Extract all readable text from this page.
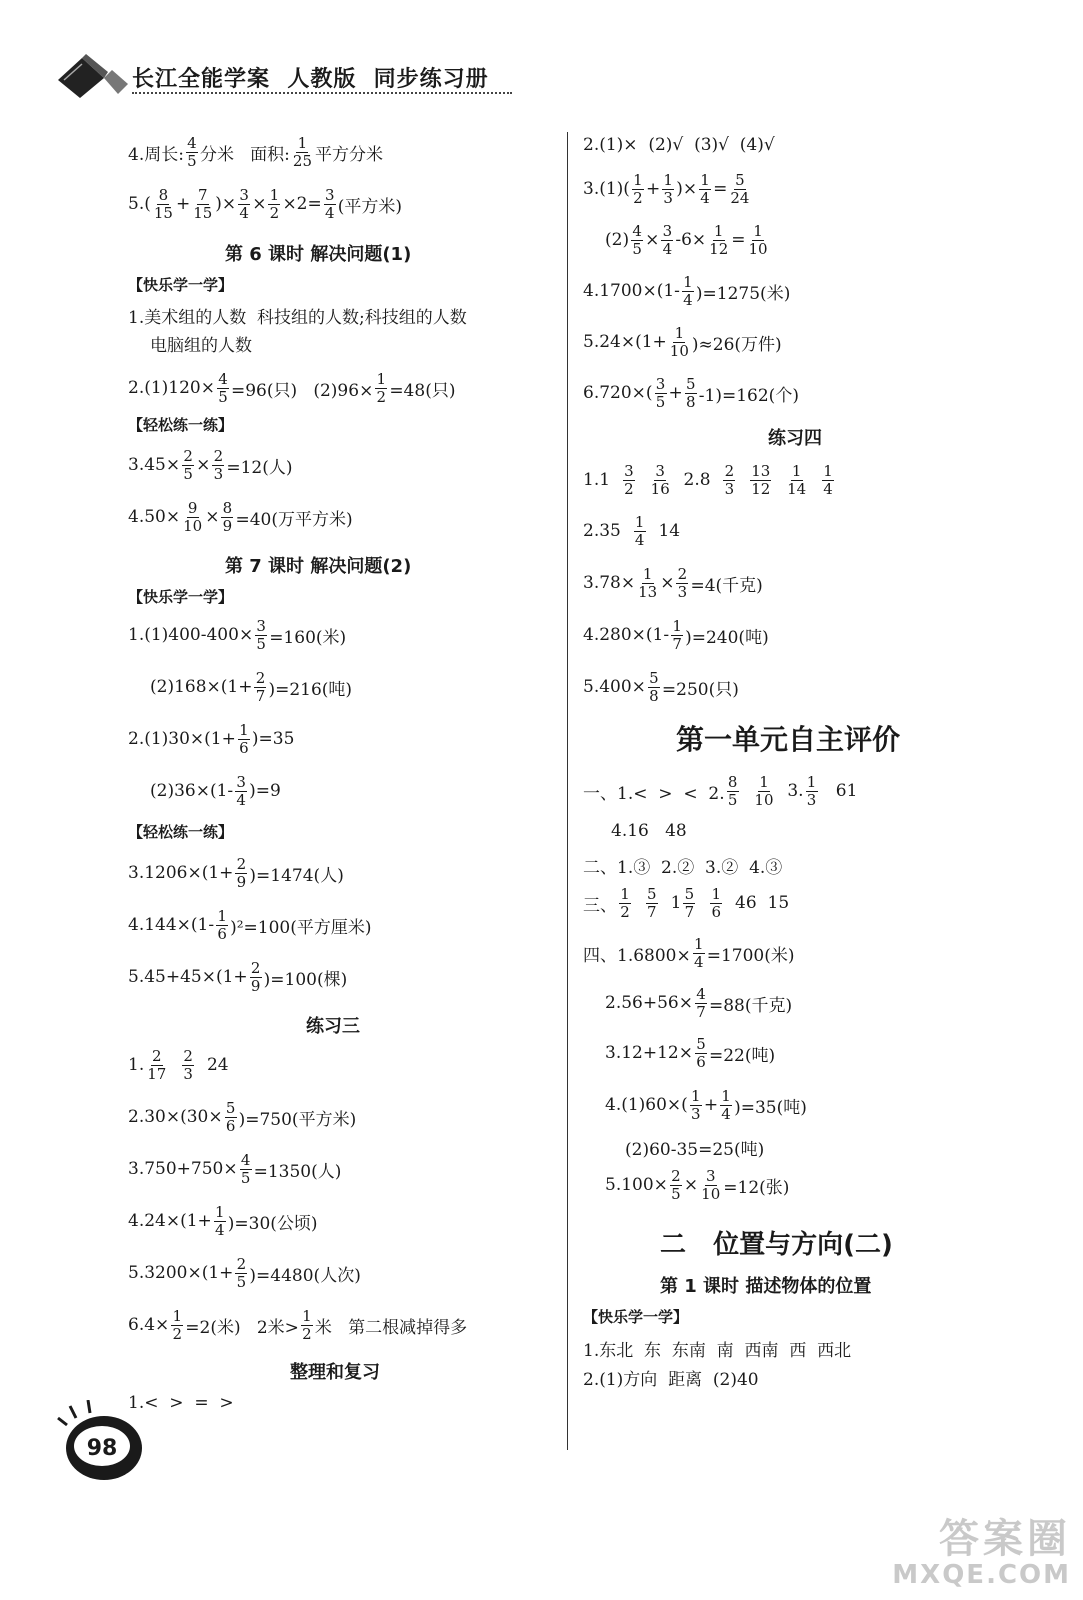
长江全能学案  人教版  同步练习册
4.周长: $\frac{4}{5}$ 分米   面积: $\frac{1}{25}$ 平方分米
$5.( \frac{8}{15} + \frac{7}{15}$ )× $\frac{3}{4} \times \frac{1}{2} \times 2= \frac{3}{4}$ (平方米)
第 6 课时 解决问题(1)
【快乐学一学】
1.美术组的人数  科技组的人数;科技组的人数
电脑组的人数
$2.(1)120\times \frac{4}{5} =96$(只)   $(2)96\times \frac{1}{2} =48$(只)
【轻松练一练】
$3.45\times \frac{2}{5} \times \frac{2}{3} =12$(人)
$4.50\times \frac{9}{10} \times \frac{8}{9} =40$(万平方米)
第 7 课时 解决问题(2)
【快乐学一学】
$1.(1)400-400\times \frac{3}{5} =160$(米)
$(2)168\times(1+ \frac{2}{7} )=216$(吨)
$2.(1)30\times(1+ \frac{1}{6} )=35$
$(2)36\times(1- \frac{3}{4} )=9$
【轻松练一练】
$3.1206\times(1+ \frac{2}{9} )=1474$(人)
$4.144\times(1- \frac{1}{6} )^2=100$(平方厘米)
$5.45+45\times(1+ \frac{2}{9} )=100$(棵)
练习三
1. $\frac{2}{17}$
$\frac{2}{3} 24$
$2.30\times(30\times \frac{5}{6} )=750$(平方米)
$3.750+750\times \frac{4}{5} =1350$(人)
$4.24\times(1+ \frac{1}{4} )=30$(公顷)
$5.3200\times(1+ \frac{2}{5} )=4480$(人次)
$6.4\times \frac{1}{2} =2$(米)   2米> $\frac{1}{2}$ 米   第二根减掉得多
整理和复习
1.<  >  =  >
98
2.(1)×  (2)√  (3)√  (4)√
$3.(1)( \frac{1}{2} + \frac{1}{3}$ )× $\frac{1}{4} = \frac{5}{24}$
$(2) \frac{4}{5} \times \frac{3}{4} -6\times \frac{1}{12} = \frac{1}{10}$
$4.1700\times(1- \frac{1}{4} )=1275$(米)
$5.24\times(1+ \frac{1}{10} )\approx 26$(万件)
$6.720\times( \frac{3}{5} + \frac{5}{8} -1)=162$(个)
练习四
$1.1 \frac{3}{2}$
$\frac{3}{16} 2.8 \frac{2}{3}$
$\frac{13}{12}$
$\frac{1}{14}$
$\frac{1}{4}$
$2.35 \frac{1}{4} 14$
$3.78\times \frac{1}{13} \times \frac{2}{3} =4$(千克)
$4.280\times(1- \frac{1}{7} )=240$(吨)
$5.400\times \frac{5}{8} =250$(只)
第一单元自主评价
一、1.<  >  <  2. $\frac{8}{5}$
$\frac{1}{10} 3$. $\frac{1}{3} 61$
4.16   48
二、1.③  2.②  3.②  4.③
三、 $\frac{1}{2}$
$\frac{5}{7} 1 \frac{5}{7}$
$\frac{1}{6} 46$  15
四、$1.6800\times \frac{1}{4} =1700$(米)
$2.56+56\times \frac{4}{7} =88$(千克)
$3.12+12\times \frac{5}{6} =22$(吨)
$4.(1)60\times( \frac{1}{3} + \frac{1}{4} )=35$(吨)
(2)60-35=25(吨)
$5.100\times \frac{2}{5} \times \frac{3}{10} =12$(张)
二   位置与方向(二)
第 1 课时 描述物体的位置
【快乐学一学】
1.东北  东  东南  南  西南  西  西北
2.(1)方向  距离  (2)40
答案圈
MXQE.COM
